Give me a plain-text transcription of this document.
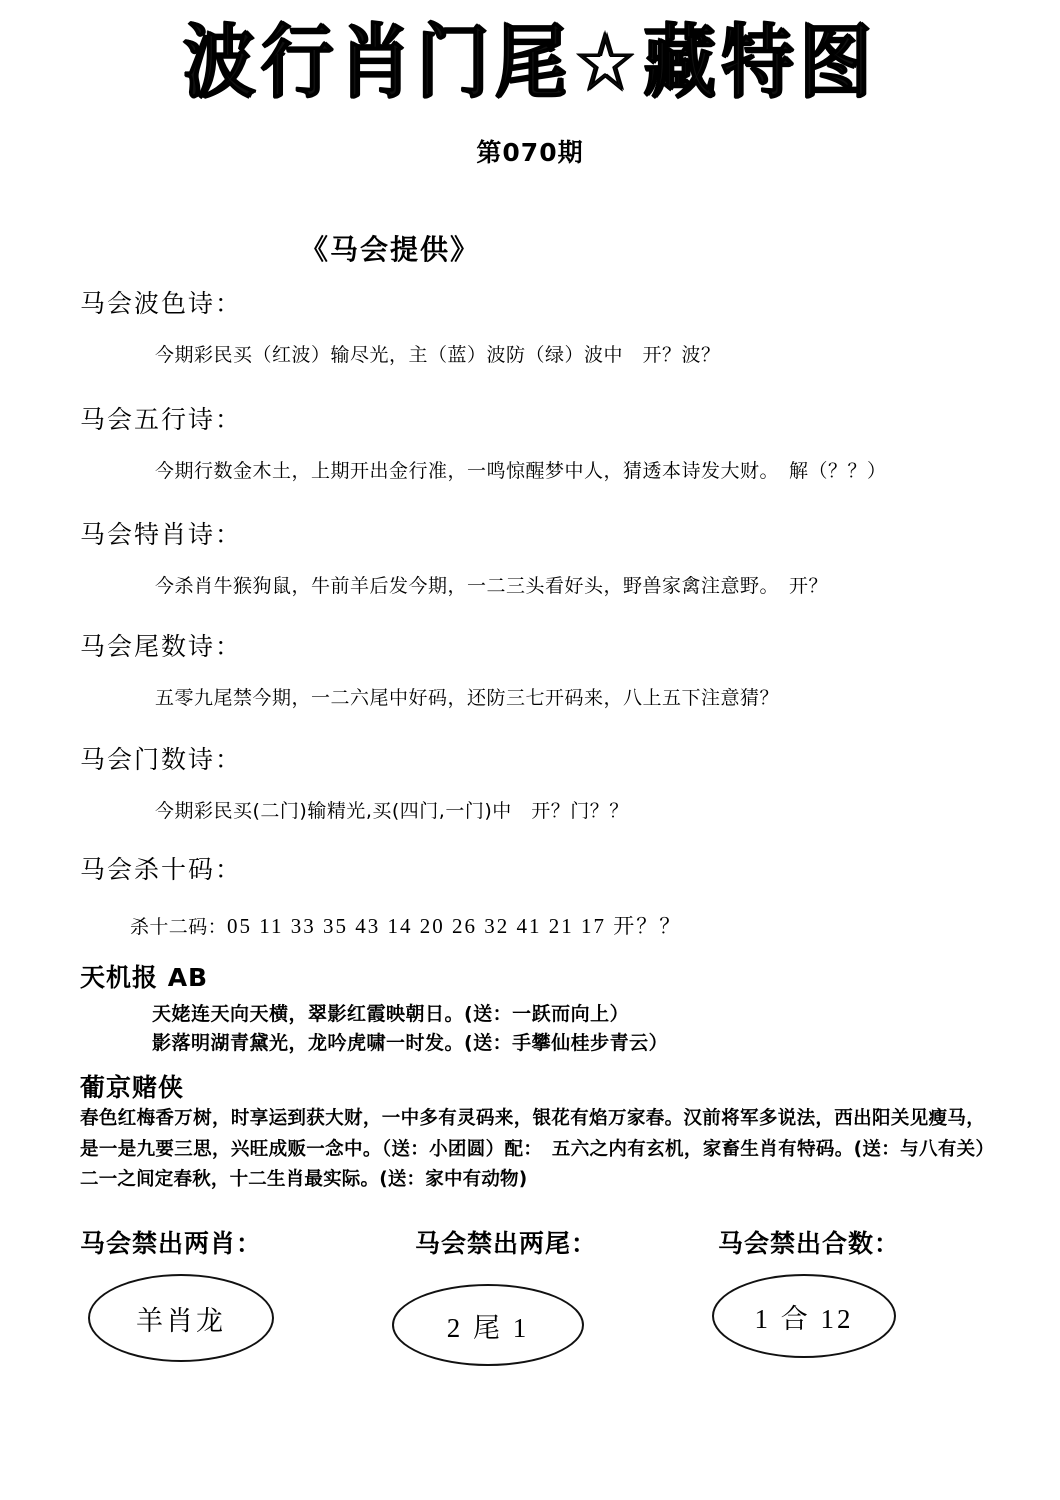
波行肖门尾☆藏特图
第070期
《马会提供》
马会波色诗：
今期彩民买（红波）输尽光，主（蓝）波防（绿）波中　开？波？
马会五行诗：
今期行数金木土，上期开出金行准，一鸣惊醒梦中人，猜透本诗发大财。　解（？？）
马会特肖诗：
今杀肖牛猴狗鼠，牛前羊后发今期，一二三头看好头，野兽家禽注意野。　开？
马会尾数诗：
五零九尾禁今期，一二六尾中好码，还防三七开码来，八上五下注意猜？
马会门数诗：
今期彩民买(二门)输精光,买(四门,一门)中　开？门？？
马会杀十码：
杀十二码：05 11 33 35 43 14 20 26 32 41 21 17 开？？
天机报 AB
天姥连天向天横，翠影红霞映朝日。(送：一跃而向上）
影落明湖青黛光，龙吟虎啸一时发。(送：手攀仙桂步青云）
葡京赌侠
春色红梅香万树，时享运到获大财，一中多有灵码来，银花有焰万家春。汉前将军多说法，西出阳关见瘦马，是一是九要三思，兴旺成贩一念中。（送：小团圆）配：　五六之内有玄机，家畜生肖有特码。(送：与八有关）二一之间定春秋，十二生肖最实际。(送：家中有动物)
马会禁出两肖：	马会禁出两尾：	马会禁出合数：
羊肖龙	2 尾 1	1 合 12
